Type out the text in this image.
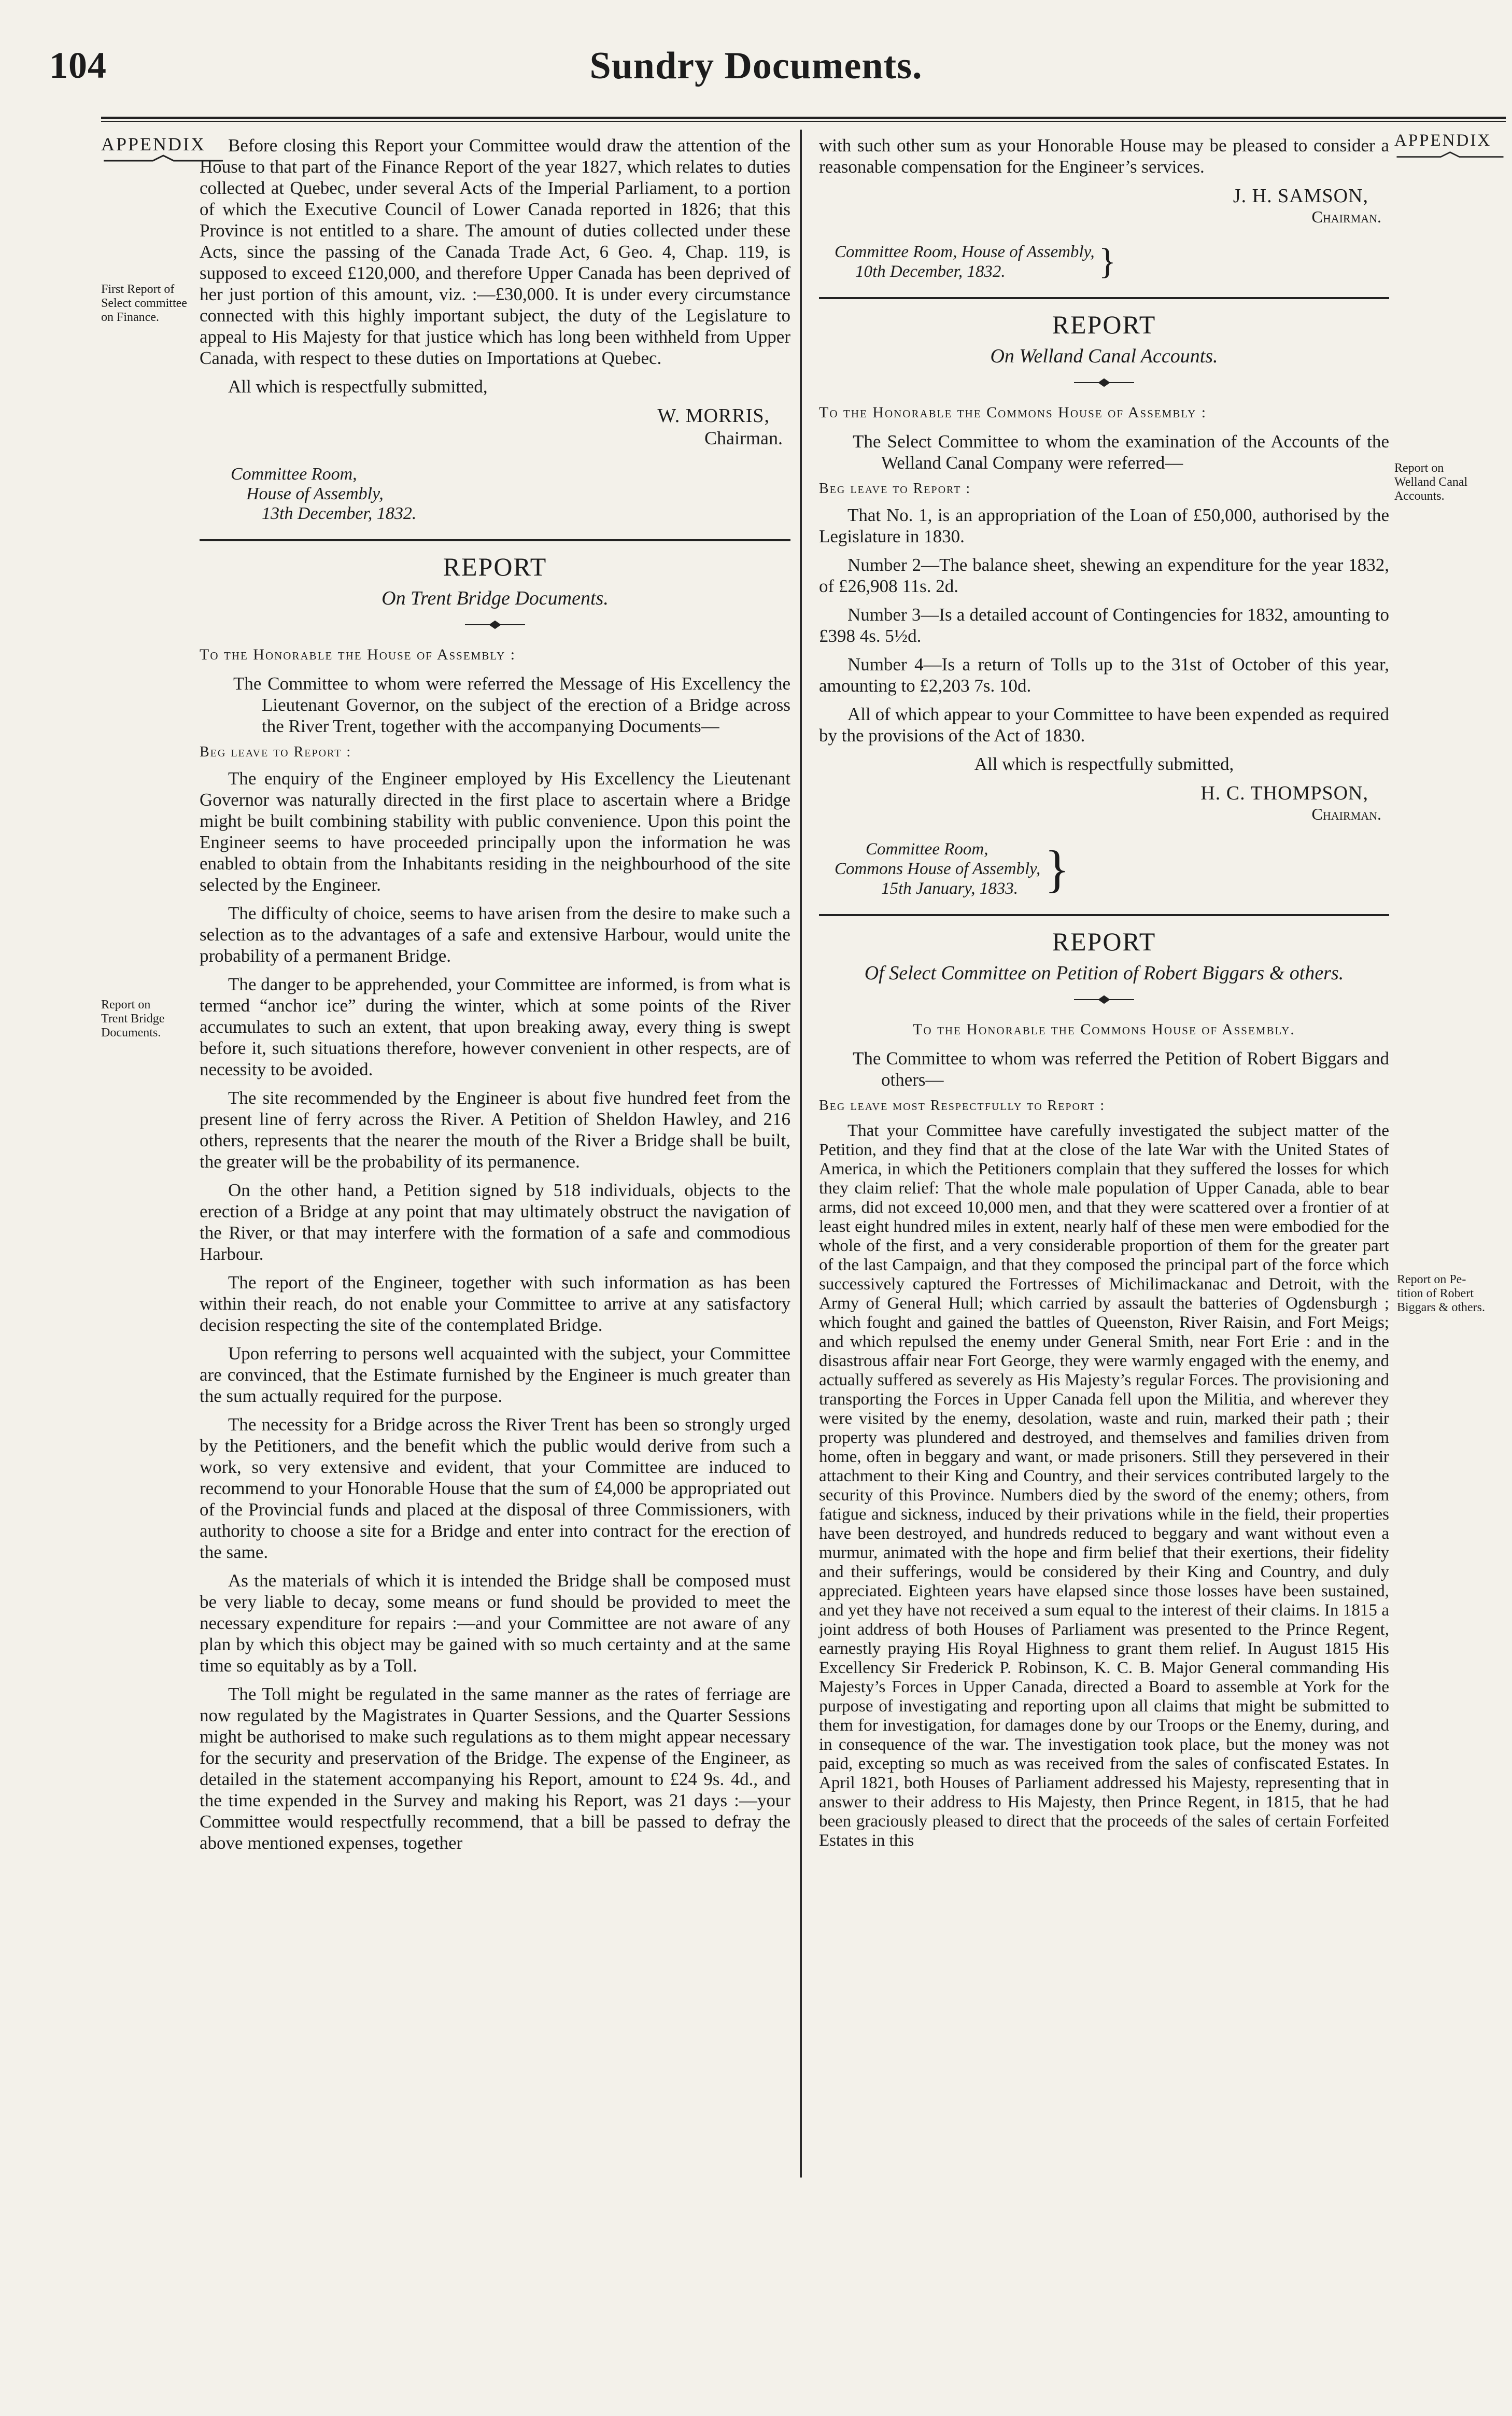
104	Sundry Documents.
APPENDIX
First Report of
Select committee
on Finance.
Report on
Trent Bridge
Documents.
APPENDIX
Report on
Welland Canal
Accounts.
Report on Pe-
tition of Robert
Biggars & others.

Before closing this Report your Committee would draw the attention of the House to that part of the Finance Report of the year 1827, which relates to duties collected at Quebec, under several Acts of the Imperial Parliament, to a portion of which the Executive Council of Lower Canada reported in 1826; that this Province is not entitled to a share. The amount of duties collected under these Acts, since the passing of the Canada Trade Act, 6 Geo. 4, Chap. 119, is supposed to exceed £120,000, and therefore Upper Canada has been deprived of her just portion of this amount, viz. :—£30,000. It is under every circumstance connected with this highly important subject, the duty of the Legislature to appeal to His Majesty for that justice which has long been withheld from Upper Canada, with respect to these duties on Importations at Quebec.

All which is respectfully submitted,

W. MORRIS,
Chairman.
Committee Room,
House of Assembly,
13th December, 1832.
REPORT
On Trent Bridge Documents.
To the Honorable the House of Assembly :

The Committee to whom were referred the Message of His Excellency the Lieutenant Governor, on the subject of the erection of a Bridge across the River Trent, together with the accompanying Documents—

Beg leave to Report :

The enquiry of the Engineer employed by His Excellency the Lieutenant Governor was naturally directed in the first place to ascertain where a Bridge might be built combining stability with public convenience. Upon this point the Engineer seems to have proceeded principally upon the information he was enabled to obtain from the Inhabitants residing in the neighbourhood of the site selected by the Engineer.

The difficulty of choice, seems to have arisen from the desire to make such a selection as to the advantages of a safe and extensive Harbour, would unite the probability of a permanent Bridge.

The danger to be apprehended, your Committee are informed, is from what is termed “anchor ice” during the winter, which at some points of the River accumulates to such an extent, that upon breaking away, every thing is swept before it, such situations therefore, however convenient in other respects, are of necessity to be avoided.

The site recommended by the Engineer is about five hundred feet from the present line of ferry across the River. A Petition of Sheldon Hawley, and 216 others, represents that the nearer the mouth of the River a Bridge shall be built, the greater will be the probability of its permanence.

On the other hand, a Petition signed by 518 individuals, objects to the erection of a Bridge at any point that may ultimately obstruct the navigation of the River, or that may interfere with the formation of a safe and commodious Harbour.

The report of the Engineer, together with such information as has been within their reach, do not enable your Committee to arrive at any satisfactory decision respecting the site of the contemplated Bridge.

Upon referring to persons well acquainted with the subject, your Committee are convinced, that the Estimate furnished by the Engineer is much greater than the sum actually required for the purpose.

The necessity for a Bridge across the River Trent has been so strongly urged by the Petitioners, and the benefit which the public would derive from such a work, so very extensive and evident, that your Committee are induced to recommend to your Honorable House that the sum of £4,000 be appropriated out of the Provincial funds and placed at the disposal of three Commissioners, with authority to choose a site for a Bridge and enter into contract for the erection of the same.

As the materials of which it is intended the Bridge shall be composed must be very liable to decay, some means or fund should be provided to meet the necessary expenditure for repairs :—and your Committee are not aware of any plan by which this object may be gained with so much certainty and at the same time so equitably as by a Toll.

The Toll might be regulated in the same manner as the rates of ferriage are now regulated by the Magistrates in Quarter Sessions, and the Quarter Sessions might be authorised to make such regulations as to them might appear necessary for the security and preservation of the Bridge. The expense of the Engineer, as detailed in the statement accompanying his Report, amount to £24 9s. 4d., and the time expended in the Survey and making his Report, was 21 days :—your Committee would respectfully recommend, that a bill be passed to defray the above mentioned expenses, together

with such other sum as your Honorable House may be pleased to consider a reasonable compensation for the Engineer’s services.

J. H. SAMSON,
Chairman.
Committee Room, House of Assembly,
10th December, 1832.	}
REPORT
On Welland Canal Accounts.
To the Honorable the Commons House of Assembly :

The Select Committee to whom the examination of the Accounts of the Welland Canal Company were referred—

Beg leave to Report :

That No. 1, is an appropriation of the Loan of £50,000, authorised by the Legislature in 1830.

Number 2—The balance sheet, shewing an expenditure for the year 1832, of £26,908 11s. 2d.

Number 3—Is a detailed account of Contingencies for 1832, amounting to £398 4s. 5½d.

Number 4—Is a return of Tolls up to the 31st of October of this year, amounting to £2,203 7s. 10d.

All of which appear to your Committee to have been expended as required by the provisions of the Act of 1830.

All which is respectfully submitted,

H. C. THOMPSON,
Chairman.
Committee Room,
Commons House of Assembly,
15th January, 1833. }
REPORT
Of Select Committee on Petition of Robert Biggars & others.
To the Honorable the Commons House of Assembly.

The Committee to whom was referred the Petition of Robert Biggars and others—

Beg leave most Respectfully to Report :

That your Committee have carefully investigated the subject matter of the Petition, and they find that at the close of the late War with the United States of America, in which the Petitioners complain that they suffered the losses for which they claim relief: That the whole male population of Upper Canada, able to bear arms, did not exceed 10,000 men, and that they were scattered over a frontier of at least eight hundred miles in extent, nearly half of these men were embodied for the whole of the first, and a very considerable proportion of them for the greater part of the last Campaign, and that they composed the principal part of the force which successively captured the Fortresses of Michilimackanac and Detroit, with the Army of General Hull; which carried by assault the batteries of Ogdensburgh ; which fought and gained the battles of Queenston, River Raisin, and Fort Meigs; and which repulsed the enemy under General Smith, near Fort Erie : and in the disastrous affair near Fort George, they were warmly engaged with the enemy, and actually suffered as severely as His Majesty’s regular Forces. The provisioning and transporting the Forces in Upper Canada fell upon the Militia, and wherever they were visited by the enemy, desolation, waste and ruin, marked their path ; their property was plundered and destroyed, and themselves and families driven from home, often in beggary and want, or made prisoners. Still they persevered in their attachment to their King and Country, and their services contributed largely to the security of this Province. Numbers died by the sword of the enemy; others, from fatigue and sickness, induced by their privations while in the field, their properties have been destroyed, and hundreds reduced to beggary and want without even a murmur, animated with the hope and firm belief that their exertions, their fidelity and their sufferings, would be considered by their King and Country, and duly appreciated. Eighteen years have elapsed since those losses have been sustained, and yet they have not received a sum equal to the interest of their claims. In 1815 a joint address of both Houses of Parliament was presented to the Prince Regent, earnestly praying His Royal Highness to grant them relief. In August 1815 His Excellency Sir Frederick P. Robinson, K. C. B. Major General commanding His Majesty’s Forces in Upper Canada, directed a Board to assemble at York for the purpose of investigating and reporting upon all claims that might be submitted to them for investigation, for damages done by our Troops or the Enemy, during, and in consequence of the war. The investigation took place, but the money was not paid, excepting so much as was received from the sales of confiscated Estates. In April 1821, both Houses of Parliament addressed his Majesty, representing that in answer to their address to His Majesty, then Prince Regent, in 1815, that he had been graciously pleased to direct that the proceeds of the sales of certain Forfeited Estates in this
